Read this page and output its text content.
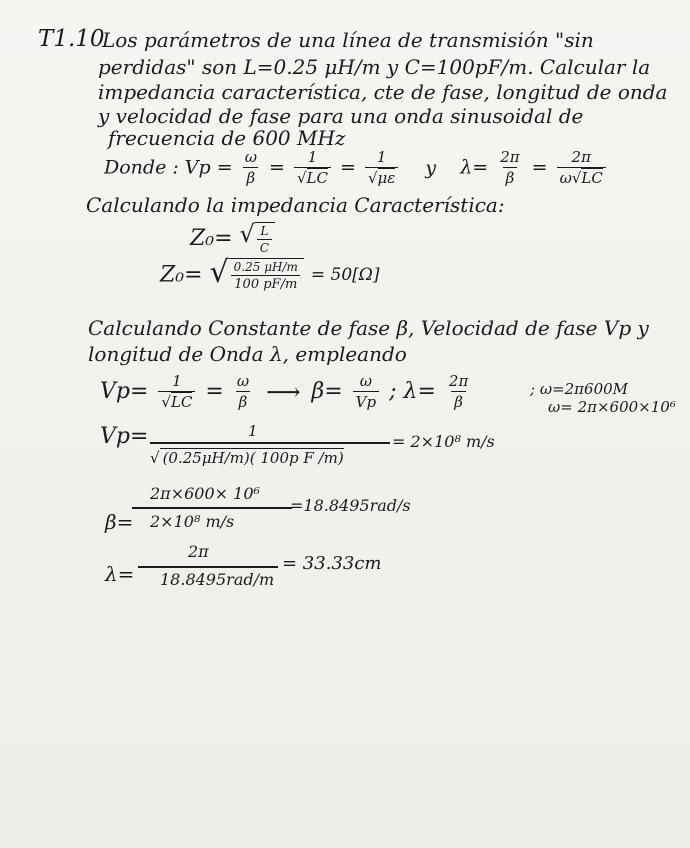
T1.10
Los parámetros de una línea de transmisión "sin
perdidas" son L=0.25 μH/m y C=100pF/m. Calcular la
impedancia característica, cte de fase, longitud de onda
y velocidad de fase para una onda sinusoidal de
frecuencia de 600 MHz
Donde : $Vp = \frac{\omega}{\beta} = \frac{1}{√LC} = \frac{1}{√\mu\varepsilon}$ y $\lambda= \frac{2\pi}{\beta} = \frac{2\pi}{\omega√LC}$
Calculando la impedancia Característica:
Z₀= √ $\frac{L}{C}$
Z₀= √ $\frac{0.25 \mu H/m}{100 pF/m} = 50[\Omega]$
Calculando Constante de fase β, Velocidad de fase Vp y
longitud de Onda λ, empleando
$Vp= \frac{1}{√LC} = \frac{\omega}{\beta}$ ⟶ $\beta= \frac{\omega}{Vp}$ ; $\lambda= \frac{2\pi}{\beta}$	; ω=2π600M
ω= 2π×600×10⁶
Vp=	1
√ (0.25μH/m)( 100p F /m)
= 2×10⁸ m/s
β=
2π×600× 10⁶
2×10⁸ m/s
=18.8495rad/s
λ=
2π
18.8495rad/m
= 33.33cm
